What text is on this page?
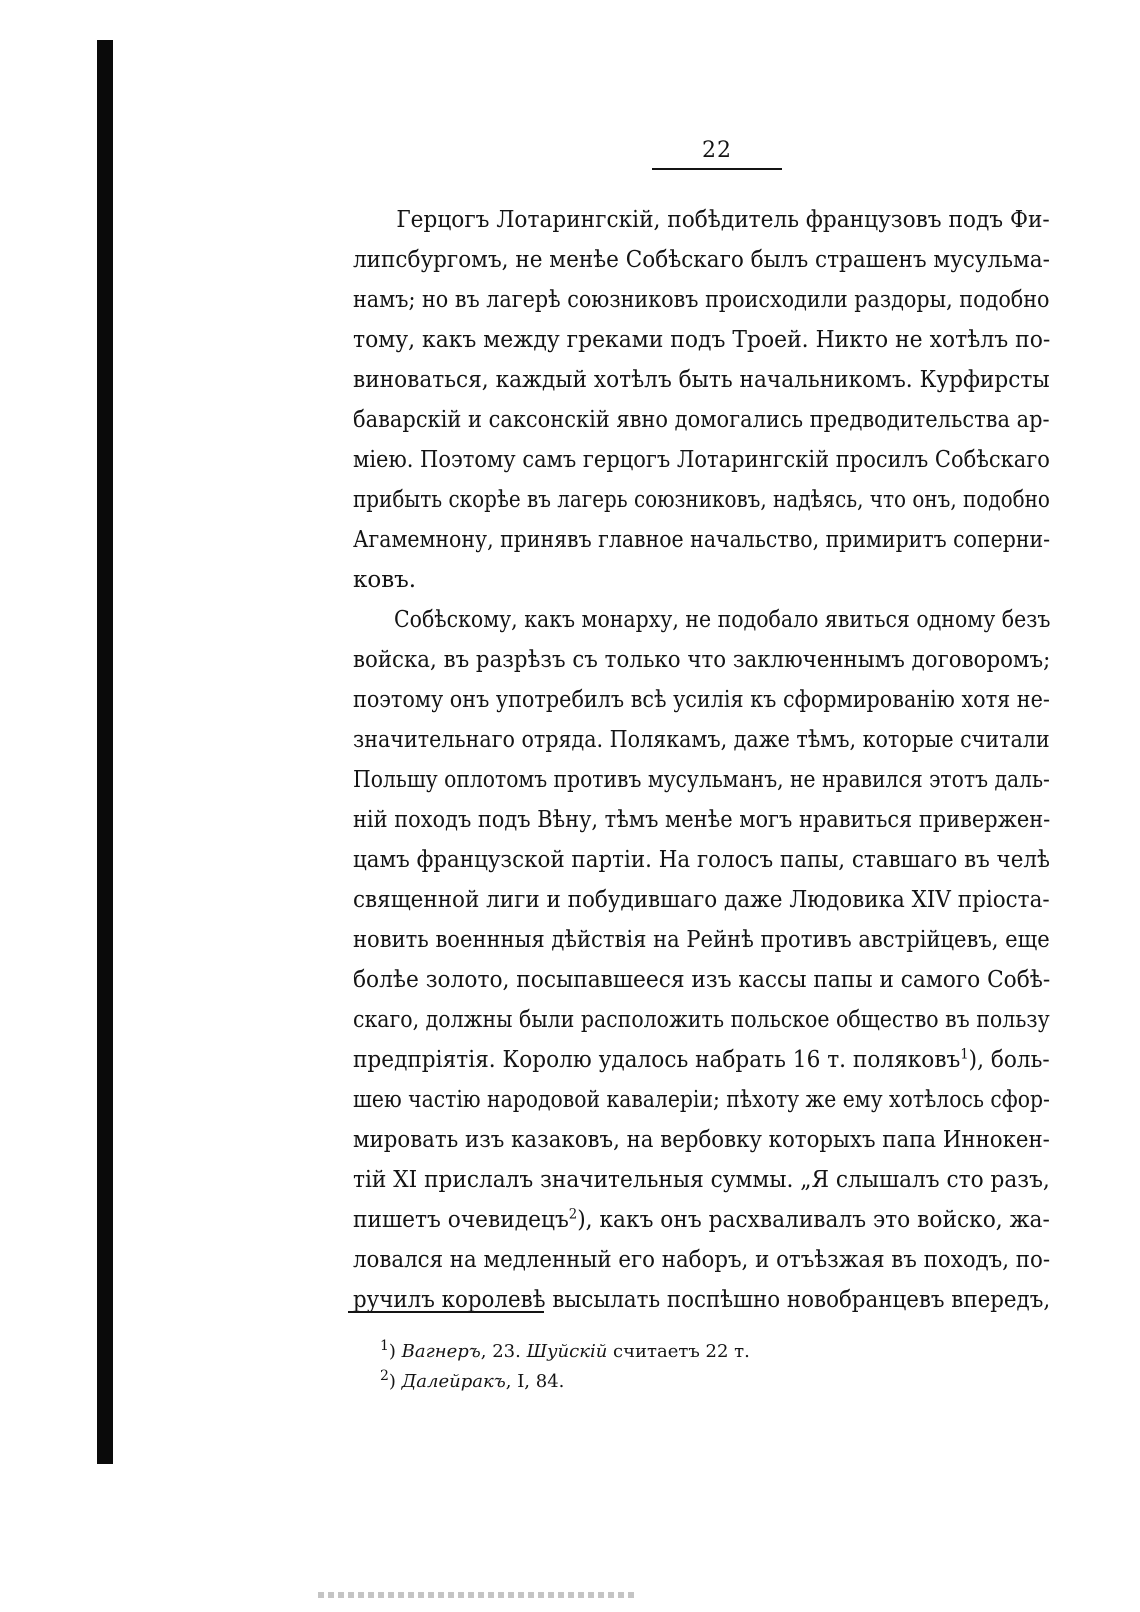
22
Герцогъ Лотарингскій, побѣдитель французовъ подъ Фи-
липсбургомъ, не менѣе Собѣскаго былъ страшенъ мусульма-
намъ; но въ лагерѣ союзниковъ происходили раздоры, подобно
тому, какъ между греками подъ Троей. Никто не хотѣлъ по-
виноваться, каждый хотѣлъ быть начальникомъ. Курфирсты
баварскій и саксонскій явно домогались предводительства ар-
міею. Поэтому самъ герцогъ Лотарингскій просилъ Собѣскаго
прибыть скорѣе въ лагерь союзниковъ, надѣясь, что онъ, подобно
Агамемнону, принявъ главное начальство, примиритъ соперни-
ковъ.
Собѣскому, какъ монарху, не подобало явиться одному безъ
войска, въ разрѣзъ съ только что заключеннымъ договоромъ;
поэтому онъ употребилъ всѣ усилія къ сформированію хотя не-
значительнаго отряда. Полякамъ, даже тѣмъ, которые считали
Польшу оплотомъ противъ мусульманъ, не нравился этотъ даль-
ній походъ подъ Вѣну, тѣмъ менѣе могъ нравиться привержен-
цамъ французской партіи. На голосъ папы, ставшаго въ челѣ
священной лиги и побудившаго даже Людовика XIV пріоста-
новить военнныя дѣйствія на Рейнѣ противъ австрійцевъ, еще
болѣе золото, посыпавшееся изъ кассы папы и самого Собѣ-
скаго, должны были расположить польское общество въ пользу
предпріятія. Королю удалось набрать 16 т. поляковъ$^1$), боль-
шею частію народовой кавалеріи; пѣхоту же ему хотѣлось сфор-
мировать изъ казаковъ, на вербовку которыхъ папа Иннокен-
тій XI прислалъ значительныя суммы. „Я слышалъ сто разъ,
пишетъ очевидецъ$^2$), какъ онъ расхваливалъ это войско, жа-
ловался на медленный его наборъ, и отъѣзжая въ походъ, по-
ручилъ королевѣ высылать поспѣшно новобранцевъ впередъ,
$^1$) Вагнеръ, 23. Шуйскій считаетъ 22 т.
$^2$) Далейракъ, I, 84.
